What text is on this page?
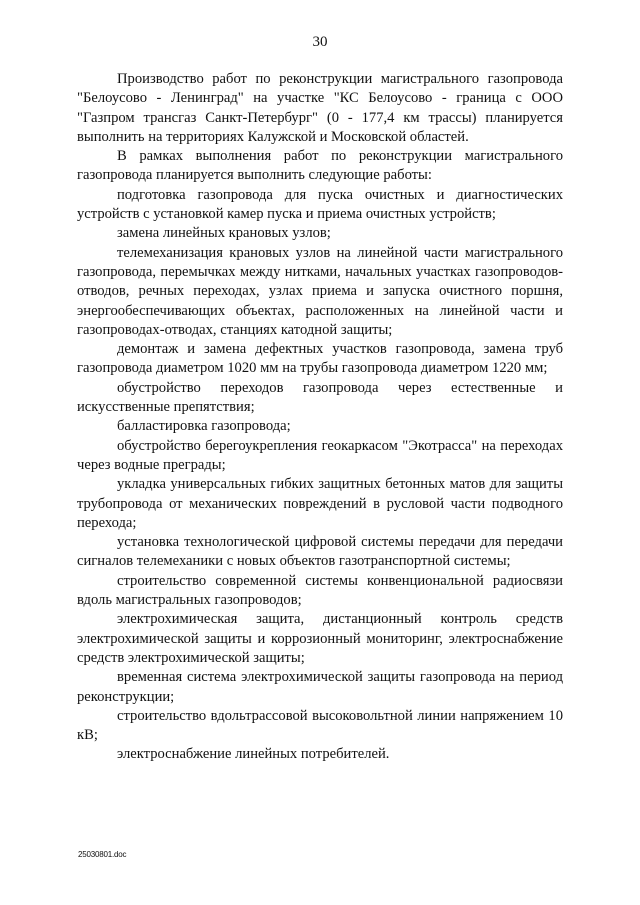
30

Производство работ по реконструкции магистрального газопровода "Белоусово - Ленинград" на участке "КС Белоусово - граница с ООО "Газпром трансгаз Санкт-Петербург" (0 - 177,4 км трассы) планируется выполнить на территориях Калужской и Московской областей.

В рамках выполнения работ по реконструкции магистрального газопровода планируется выполнить следующие работы:

подготовка газопровода для пуска очистных и диагностических устройств с установкой камер пуска и приема очистных устройств;

замена линейных крановых узлов;

телемеханизация крановых узлов на линейной части магистрального газопровода, перемычках между нитками, начальных участках газопроводов-отводов, речных переходах, узлах приема и запуска очистного поршня, энергообеспечивающих объектах, расположенных на линейной части и газопроводах-отводах, станциях катодной защиты;

демонтаж и замена дефектных участков газопровода, замена труб газопровода диаметром 1020 мм на трубы газопровода диаметром 1220 мм;

обустройство переходов газопровода через естественные и искусственные препятствия;

балластировка газопровода;

обустройство берегоукрепления геокаркасом "Экотрасса" на переходах через водные преграды;

укладка универсальных гибких защитных бетонных матов для защиты трубопровода от механических повреждений в русловой части подводного перехода;

установка технологической цифровой системы передачи для передачи сигналов телемеханики с новых объектов газотранспортной системы;

строительство современной системы конвенциональной радиосвязи вдоль магистральных газопроводов;

электрохимическая защита, дистанционный контроль средств электрохимической защиты и коррозионный мониторинг, электроснабжение средств электрохимической защиты;

временная система электрохимической защиты газопровода на период реконструкции;

строительство вдольтрассовой высоковольтной линии напряжением 10 кВ;

электроснабжение линейных потребителей.

25030801.doc
